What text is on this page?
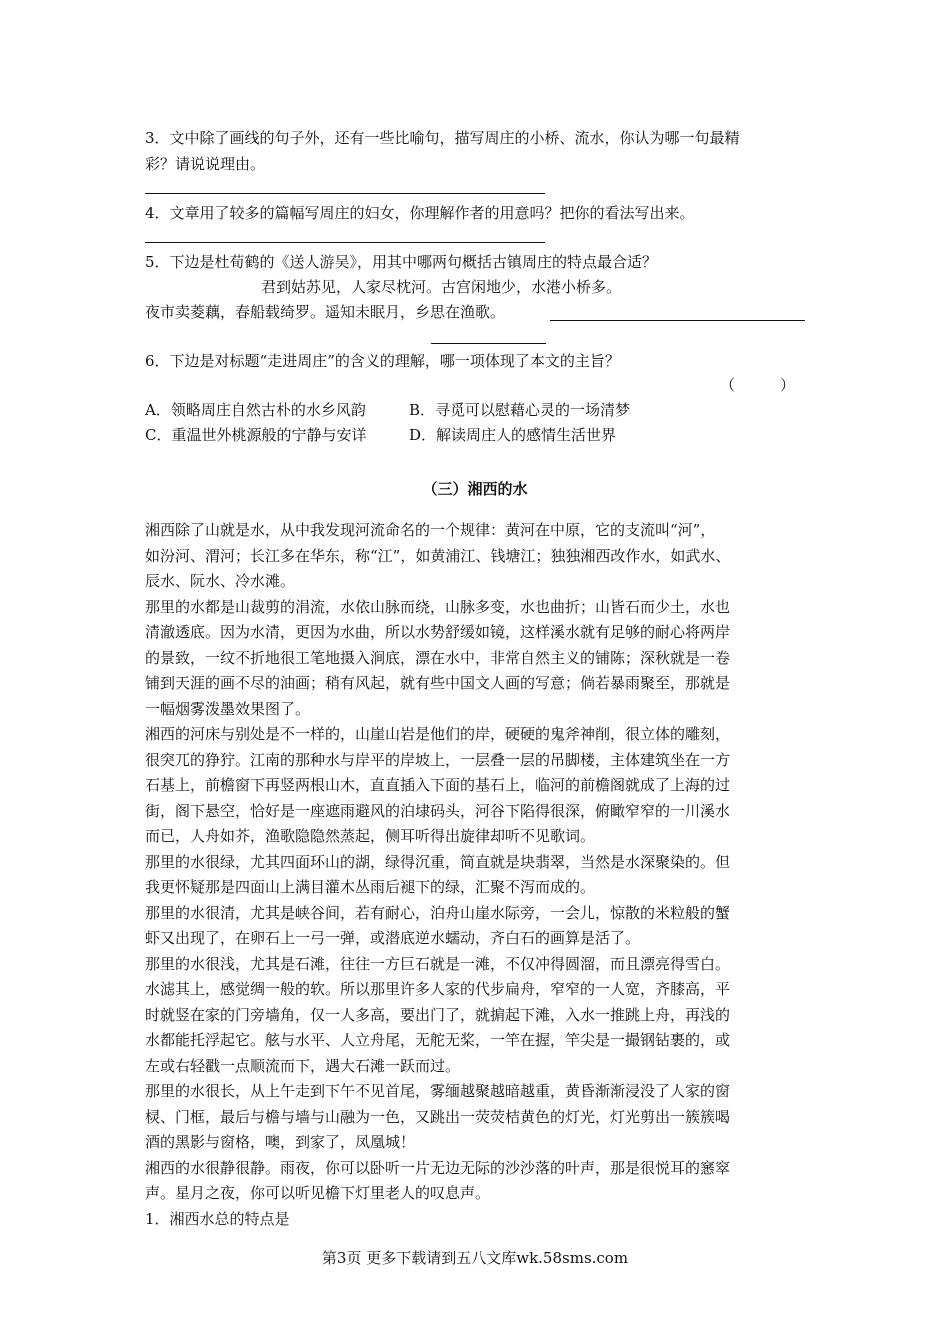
3．文中除了画线的句子外，还有一些比喻句，描写周庄的小桥、流水，你认为哪一句最精
彩？请说说理由。
4．文章用了较多的篇幅写周庄的妇女，你理解作者的用意吗？把你的看法写出来。
5．下边是杜荀鹤的《送人游吴》，用其中哪两句概括古镇周庄的特点最合适？
君到姑苏见，人家尽枕河。古宫闲地少，水港小桥多。
夜市卖菱藕，春船载绮罗。遥知未眠月，乡思在渔歌。
6．下边是对标题“走进周庄”的含义的理解，哪一项体现了本文的主旨？
（　　　）
A．领略周庄自然古朴的水乡风韵	B．寻觅可以慰藉心灵的一场清梦
C．重温世外桃源般的宁静与安详	D．解读周庄人的感情生活世界
（三）湘西的水
湘西除了山就是水，从中我发现河流命名的一个规律：黄河在中原，它的支流叫“河”，
如汾河、渭河；长江多在华东，称“江”，如黄浦江、钱塘江；独独湘西改作水，如武水、
辰水、阮水、冷水滩。
那里的水都是山裁剪的涓流，水依山脉而绕，山脉多变，水也曲折；山皆石而少土，水也
清澈透底。因为水清，更因为水曲，所以水势舒缓如镜，这样溪水就有足够的耐心将两岸
的景致，一纹不折地很工笔地摄入涧底，漂在水中，非常自然主义的铺陈；深秋就是一卷
铺到天涯的画不尽的油画；稍有风起，就有些中国文人画的写意；倘若暴雨聚至，那就是
一幅烟雾泼墨效果图了。
湘西的河床与别处是不一样的，山崖山岩是他们的岸，硬硬的鬼斧神削，很立体的雕刻，
很突兀的狰狞。江南的那种水与岸平的岸坡上，一层叠一层的吊脚楼，主体建筑坐在一方
石基上，前檐窗下再竖两根山木，直直插入下面的基石上，临河的前檐阁就成了上海的过
街，阁下悬空，恰好是一座遮雨避风的泊埭码头，河谷下陷得很深，俯瞰窄窄的一川溪水
而已，人舟如芥，渔歌隐隐然蒸起，侧耳听得出旋律却听不见歌词。
那里的水很绿，尤其四面环山的湖，绿得沉重，简直就是块翡翠，当然是水深聚染的。但
我更怀疑那是四面山上满目灌木丛雨后褪下的绿，汇聚不泻而成的。
那里的水很清，尤其是峡谷间，若有耐心，泊舟山崖水际旁，一会儿，惊散的米粒般的蟹
虾又出现了，在卵石上一弓一弹，或潜底逆水蠕动，齐白石的画算是活了。
那里的水很浅，尤其是石滩，往往一方巨石就是一滩，不仅冲得圆溜，而且漂亮得雪白。
水滤其上，感觉绸一般的软。所以那里许多人家的代步扁舟，窄窄的一人宽，齐膝高，平
时就竖在家的门旁墙角，仅一人多高，要出门了，就掮起下滩，入水一推跳上舟，再浅的
水都能托浮起它。舷与水平、人立舟尾，无舵无桨，一竿在握，竿尖是一撮钢钻裹的，或
左或右轻戳一点顺流而下，遇大石滩一跃而过。
那里的水很长，从上午走到下午不见首尾，雾缅越聚越暗越重，黄昏渐渐浸没了人家的窗
棂、门框，最后与檐与墙与山融为一色，又跳出一荧荧桔黄色的灯光，灯光剪出一簇簇喝
酒的黑影与窗格，噢，到家了，凤凰城！
湘西的水很静很静。雨夜，你可以卧听一片无边无际的沙沙落的叶声，那是很悦耳的窸窣
声。星月之夜，你可以听见檐下灯里老人的叹息声。
1．湘西水总的特点是
第3页 更多下载请到五八文库wk.58sms.com
